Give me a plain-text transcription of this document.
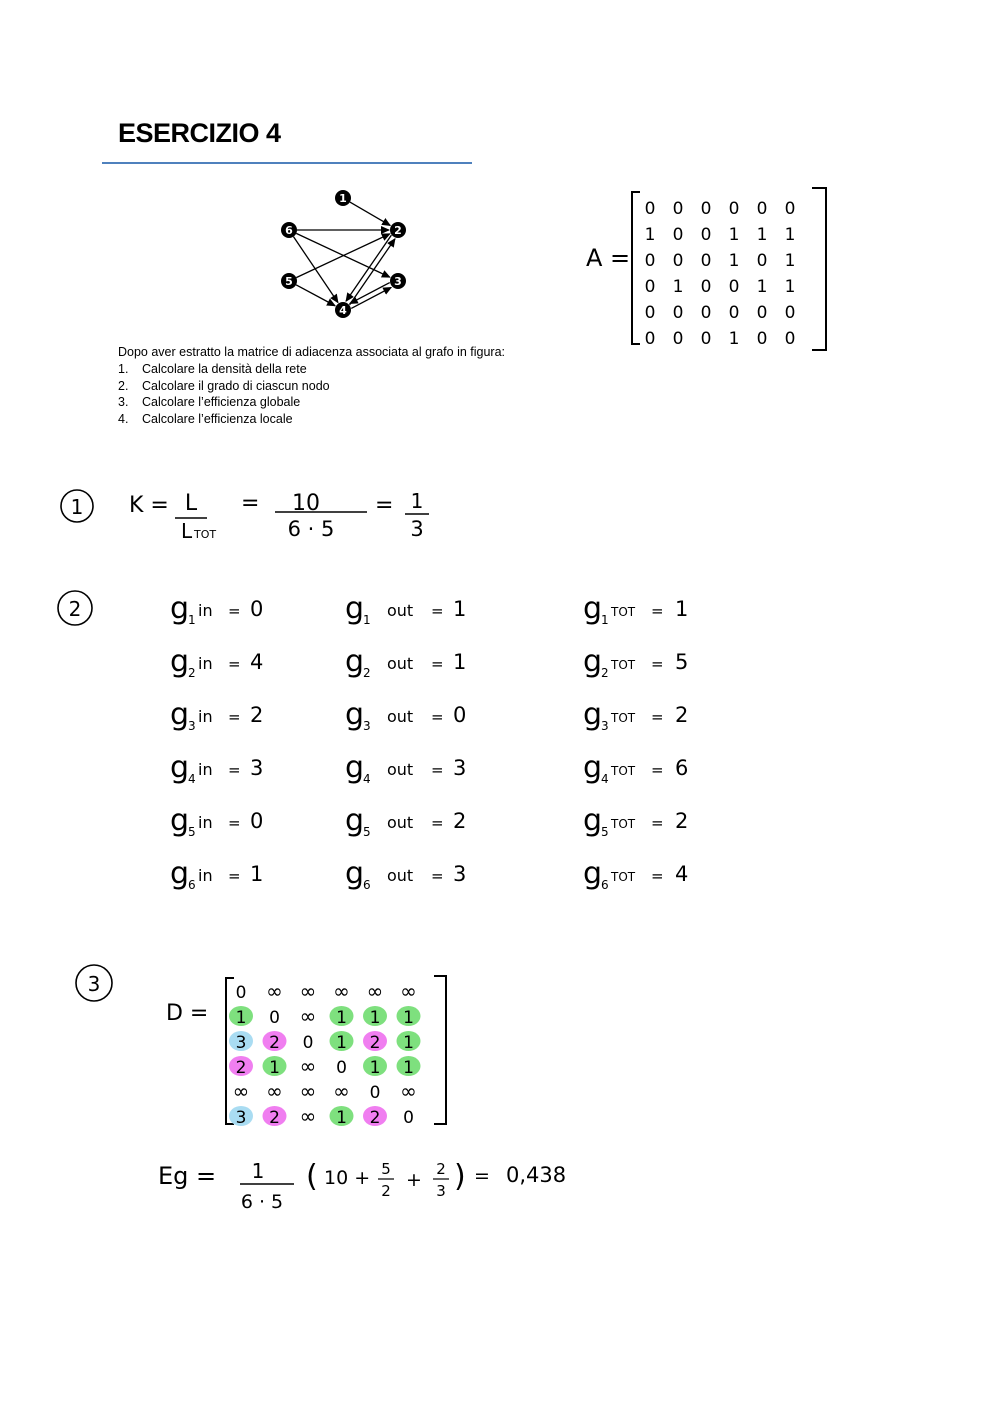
ESERCIZIO 4
1
2
3
4
5
6
A =
0 0 0 0 0 0
1 0 0 1 1 1
0 0 0 1 0 1
0 1 0 0 1 1
0 0 0 0 0 0
0 0 0 1 0 0
Dopo aver estratto la matrice di adiacenza associata al grafo in figura:
1. Calcolare la densità della rete
2. Calcolare il grado di ciascun nodo
3. Calcolare l’efficienza globale
4. Calcolare l’efficienza locale
1 K = L
L TOT
= 10
6 · 5
= 1
3
2	g
1 in = 0
g
2 in = 4
g
3 in = 2
g
4 in = 3
g
5 in = 0
g
6 in = 1
g
1 out = 1
g
2 out = 1
g
3 out = 0
g
4 out = 3
g
5 out = 2
g
6 out = 3
g
1
TOT = 1
g
2
TOT = 5
g
3
TOT = 2
g
4
TOT = 6
g
5
TOT = 2
g
6
TOT = 4
3
D =
0 ∞ ∞ ∞ ∞ ∞
1 0 ∞ 1 1 1
3 2 0 1 2 1
2 1 ∞ 0 1 1
∞ ∞ ∞ ∞ 0 ∞
3 2 ∞ 1 2 0
Eg = 1
6 · 5
( 10 + 5
2 + 2
3 ) = 0,438
